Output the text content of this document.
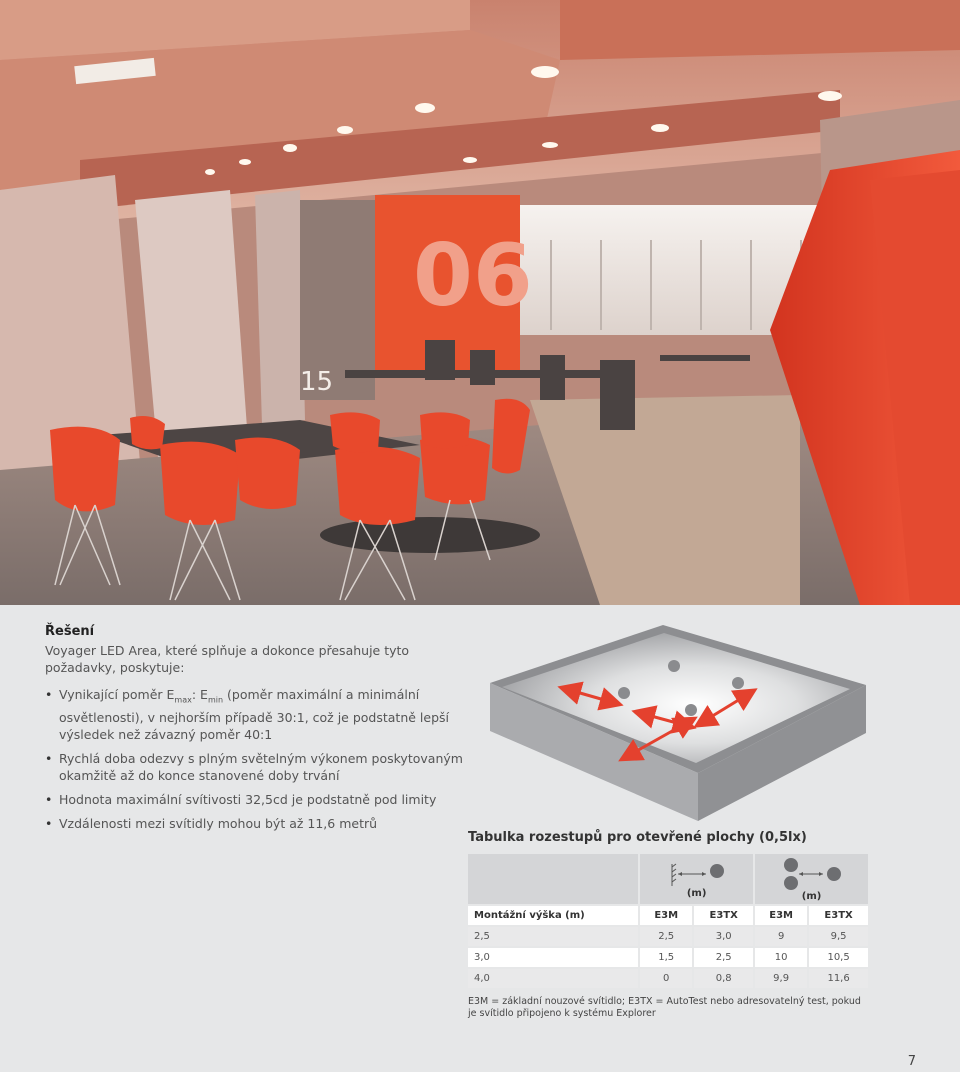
06
15
Řešení

Voyager LED Area, které splňuje a dokonce přesahuje tyto požadavky, poskytuje:

• Vynikající poměr $E_{max}$: $E_{min}$ (poměr maximální a minimální osvětlenosti), v nejhorším případě 30:1, což je podstatně lepší výsledek než závazný poměr 40:1
• Rychlá doba odezvy s plným světelným výkonem poskytovaným okamžitě až do konce stanovené doby trvání
• Hodnota maximální svítivosti 32,5cd je podstatně pod limity
• Vzdálenosti mezi svítidly mohou být až 11,6 metrů
Tabulka rozestupů pro otevřené plochy (0,5lx)

	(m)		(m)	

Montážní výška (m)	E3M	E3TX	E3M	E3TX
2,5	2,5	3,0	9	9,5
3,0	1,5	2,5	10	10,5
4,0	0	0,8	9,9	11,6
E3M = základní nouzové svítidlo; E3TX = AutoTest nebo adresovatelný test, pokud je svítidlo připojeno k systému Explorer
7
